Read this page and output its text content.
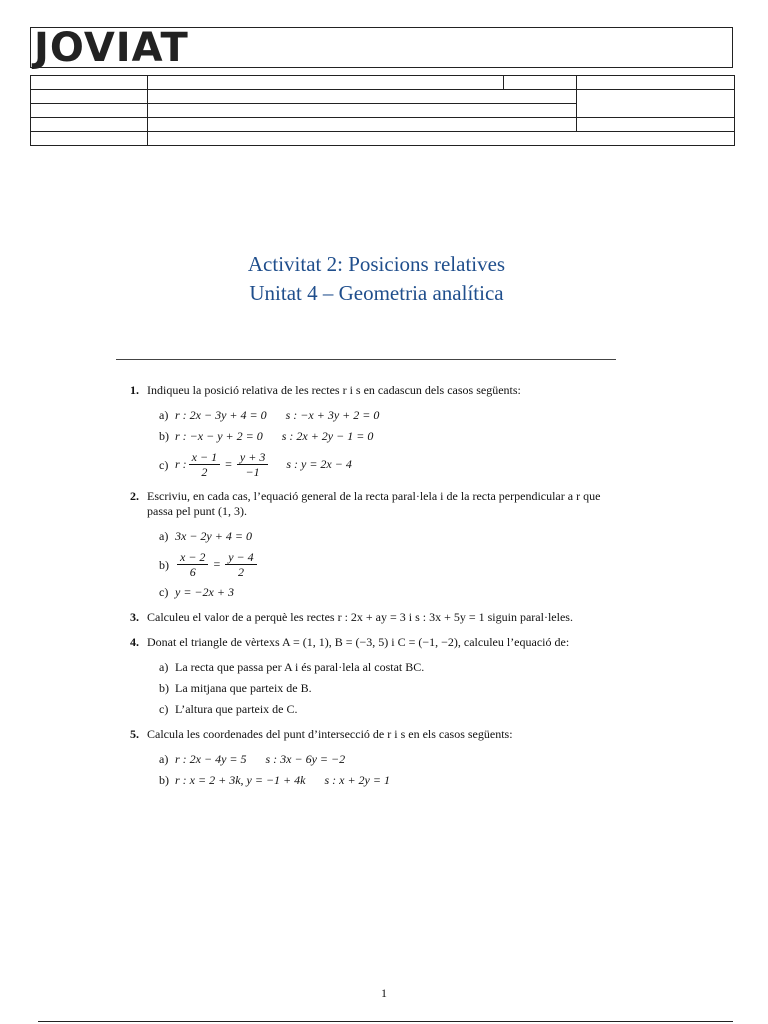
JOVIAT

Activitat 2: Posicions relatives
Unitat 4 – Geometria analítica
1. Indiqueu la posició relativa de les rectes r i s en cadascun dels casos següents:
a) r : 2x − 3y + 4 = 0 s : −x + 3y + 2 = 0
b) r : −x − y + 2 = 0 s : 2x + 2y − 1 = 0
c) r : $\frac{x - 1}{2} = \frac{y + 3}{-1}$ s : y = 2x − 4
2. Escriviu, en cada cas, l’equació general de la recta paral·lela i de la recta perpendicular a r que passa pel punt (1, 3).
a) 3x − 2y + 4 = 0
$b) \frac{x - 2}{6} = \frac{y - 4}{2}$
c) y = −2x + 3
3. Calculeu el valor de a perquè les rectes r : 2x + ay = 3 i s : 3x + 5y = 1 siguin paral·leles.
4. Donat el triangle de vèrtexs A = (1, 1), B = (−3, 5) i C = (−1, −2), calculeu l’equació de:
a) La recta que passa per A i és paral·lela al costat BC.
b) La mitjana que parteix de B.
c) L’altura que parteix de C.
5. Calcula les coordenades del punt d’intersecció de r i s en els casos següents:
a) r : 2x − 4y = 5 s : 3x − 6y = −2
b) r : x = 2 + 3k, y = −1 + 4k s : x + 2y = 1
1
